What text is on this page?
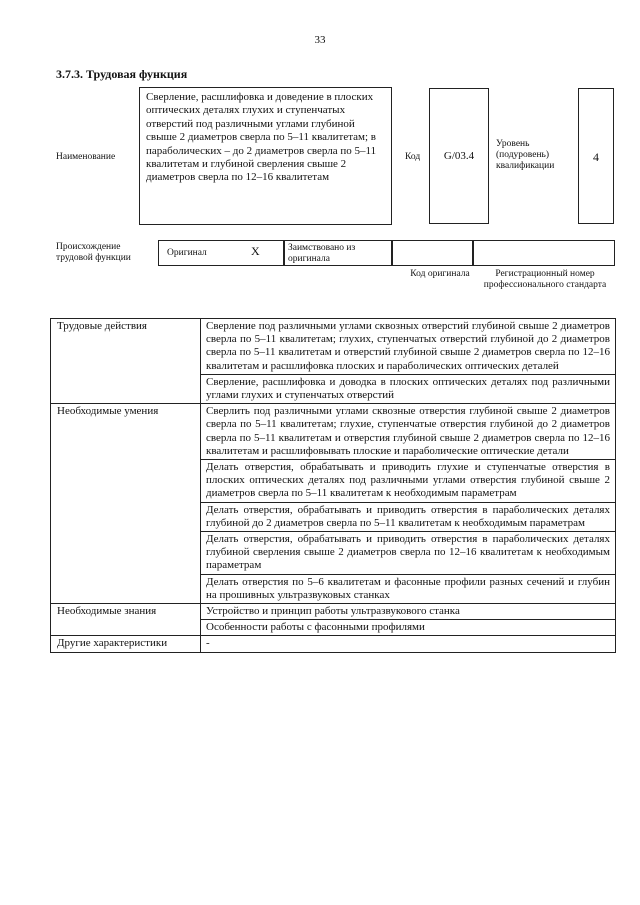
33
3.7.3. Трудовая функция
Наименование
Сверление, расшлифовка и доведение в плоских оптических деталях глухих и ступенчатых отверстий под различными углами глубиной свыше 2 диаметров сверла по 5–11 квалитетам; в параболических – до 2 диаметров сверла по 5–11 квалитетам и глубиной сверления свыше 2 диаметров сверла по 12–16 квалитетам
Код	G/03.4
Уровень (подуровень) квалификации
4
Происхождение трудовой функции	Оригинал	X	Заимствовано из оригинала
Код оригинала	Регистрационный номер профессионального стандарта
Трудовые действия	Сверление под различными углами сквозных отверстий глубиной свыше 2 диаметров сверла по 5–11 квалитетам; глухих, ступенчатых отверстий глубиной до 2 диаметров сверла по 5–11 квалитетам и отверстий глубиной свыше 2 диаметров сверла по 12–16 квалитетам и расшлифовка плоских и параболических оптических деталей
	Сверление, расшлифовка и доводка в плоских оптических деталях под различными углами глухих и ступенчатых отверстий
Необходимые умения	Сверлить под различными углами сквозные отверстия глубиной свыше 2 диаметров сверла по 5–11 квалитетам; глухие, ступенчатые отверстия глубиной до 2 диаметров сверла по 5–11 квалитетам и отверстия глубиной свыше 2 диаметров сверла по 12–16 квалитетам и расшлифовывать плоские и параболические оптические детали
	Делать отверстия, обрабатывать и приводить глухие и ступенчатые отверстия в плоских оптических деталях под различными углами отверстия глубиной свыше 2 диаметров сверла по 5–11 квалитетам к необходимым параметрам
	Делать отверстия, обрабатывать и приводить отверстия в параболических деталях глубиной до 2 диаметров сверла по 5–11 квалитетам к необходимым параметрам
	Делать отверстия, обрабатывать и приводить отверстия в параболических деталях глубиной сверления свыше 2 диаметров сверла по 12–16 квалитетам к необходимым параметрам
	Делать отверстия по 5–6 квалитетам и фасонные профили разных сечений и глубин на прошивных ультразвуковых станках
Необходимые знания	Устройство и принцип работы ультразвукового станка
	Особенности работы с фасонными профилями
Другие характеристики	-
